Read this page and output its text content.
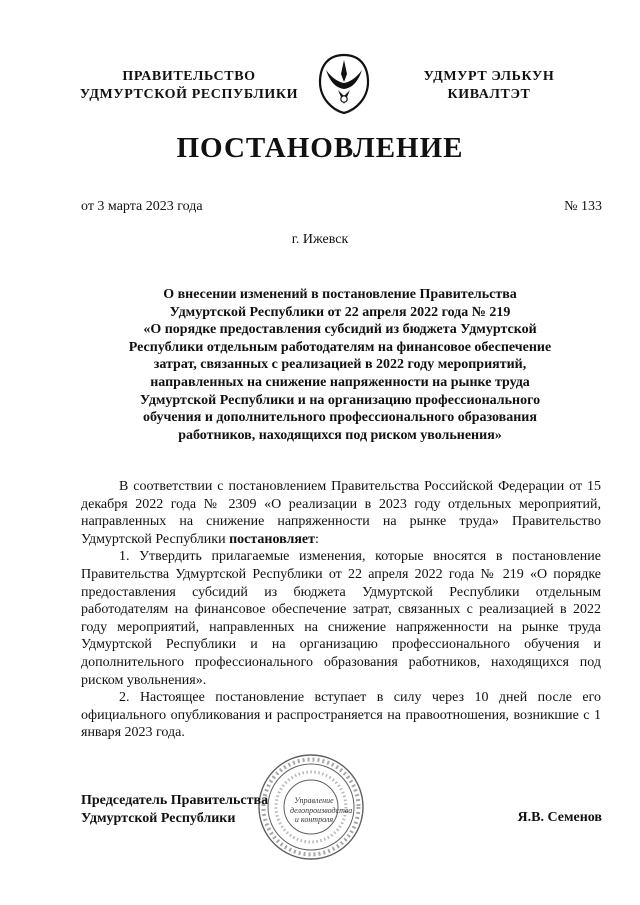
ПРАВИТЕЛЬСТВО
УДМУРТСКОЙ РЕСПУБЛИКИ
УДМУРТ ЭЛЬКУН
КИВАЛТЭТ
ПОСТАНОВЛЕНИЕ
от 3 марта 2023 года	№ 133
г. Ижевск
О внесении изменений в постановление Правительства
Удмуртской Республики от 22 апреля 2022 года № 219
«О порядке предоставления субсидий из бюджета Удмуртской
Республики отдельным работодателям на финансовое обеспечение
затрат, связанных с реализацией в 2022 году мероприятий,
направленных на снижение напряженности на рынке труда
Удмуртской Республики и на организацию профессионального
обучения и дополнительного профессионального образования
работников, находящихся под риском увольнения»

В соответствии с постановлением Правительства Российской Федерации от 15 декабря 2022 года № 2309 «О реализации в 2023 году отдельных мероприятий, направленных на снижение напряженности на рынке труда» Правительство Удмуртской Республики постановляет:

1. Утвердить прилагаемые изменения, которые вносятся в постановление Правительства Удмуртской Республики от 22 апреля 2022 года № 219 «О порядке предоставления субсидий из бюджета Удмуртской Республики отдельным работодателям на финансовое обеспечение затрат, связанных с реализацией в 2022 году мероприятий, направленных на снижение напряженности на рынке труда Удмуртской Республики и на организацию профессионального обучения и дополнительного профессионального образования работников, находящихся под риском увольнения».

2. Настоящее постановление вступает в силу через 10 дней после его официального опубликования и распространяется на правоотношения, возникшие с 1 января 2023 года.

Управление
делопроизводства
и контроля
Председатель Правительства
Удмуртской Республики	Я.В. Семенов
